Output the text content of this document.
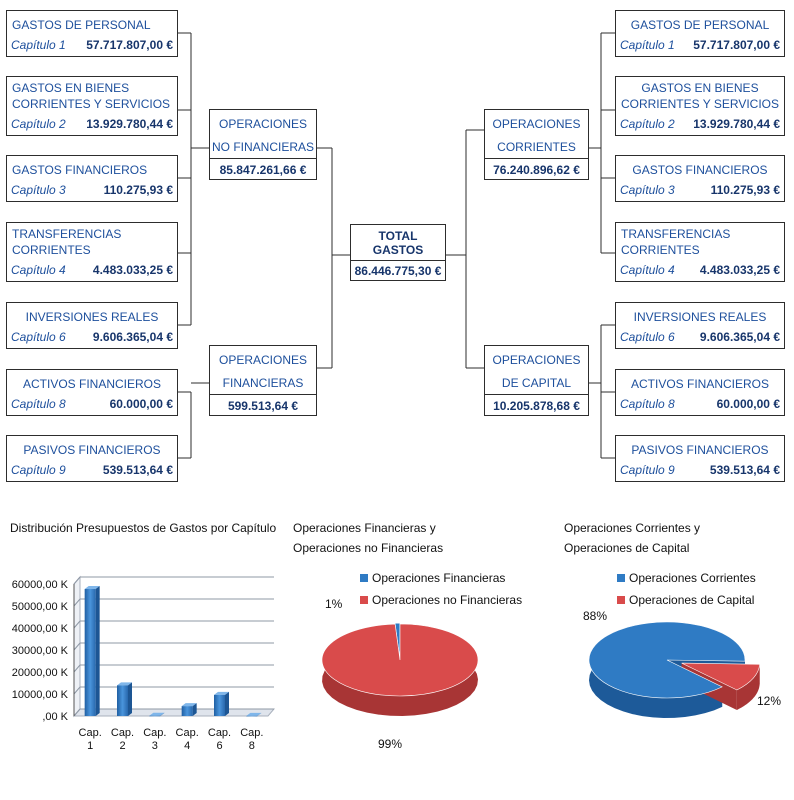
GASTOS DE PERSONAL
Capítulo 1 57.717.807,00 €
GASTOS EN BIENES
CORRIENTES Y SERVICIOS
Capítulo 2 13.929.780,44 €
GASTOS FINANCIEROS
Capítulo 3	110.275,93 €
TRANSFERENCIAS
CORRIENTES
Capítulo 4 4.483.033,25 €
INVERSIONES REALES
Capítulo 6 9.606.365,04 €
ACTIVOS FINANCIEROS
Capítulo 8	60.000,00 €
PASIVOS FINANCIEROS
Capítulo 9	539.513,64 €
OPERACIONES
NO FINANCIERAS
85.847.261,66 €
OPERACIONES
FINANCIERAS
599.513,64 €
TOTAL
GASTOS
86.446.775,30 €
OPERACIONES
CORRIENTES
76.240.896,62 €
OPERACIONES
DE CAPITAL
10.205.878,68 €
GASTOS DE PERSONAL
Capítulo 1 57.717.807,00 €
GASTOS EN BIENES
CORRIENTES Y SERVICIOS
Capítulo 2 13.929.780,44 €
GASTOS FINANCIEROS
Capítulo 3	110.275,93 €
TRANSFERENCIAS
CORRIENTES
Capítulo 4 4.483.033,25 €
INVERSIONES REALES
Capítulo 6 9.606.365,04 €
ACTIVOS FINANCIEROS
Capítulo 8	60.000,00 €
PASIVOS FINANCIEROS
Capítulo 9	539.513,64 €
Distribución Presupuestos de Gastos por Capítulo
60000,00 K
50000,00 K
40000,00 K
30000,00 K
20000,00 K
10000,00 K
,00 K
Cap.
1
Cap.
2
Cap.
3
Cap.
4
Cap.
6
Cap.
8
Operaciones Financieras y
Operaciones no Financieras
Operaciones Financieras
Operaciones no Financieras
1%
99%
Operaciones Corrientes y
Operaciones de Capital
Operaciones Corrientes
Operaciones de Capital
88%
12%
